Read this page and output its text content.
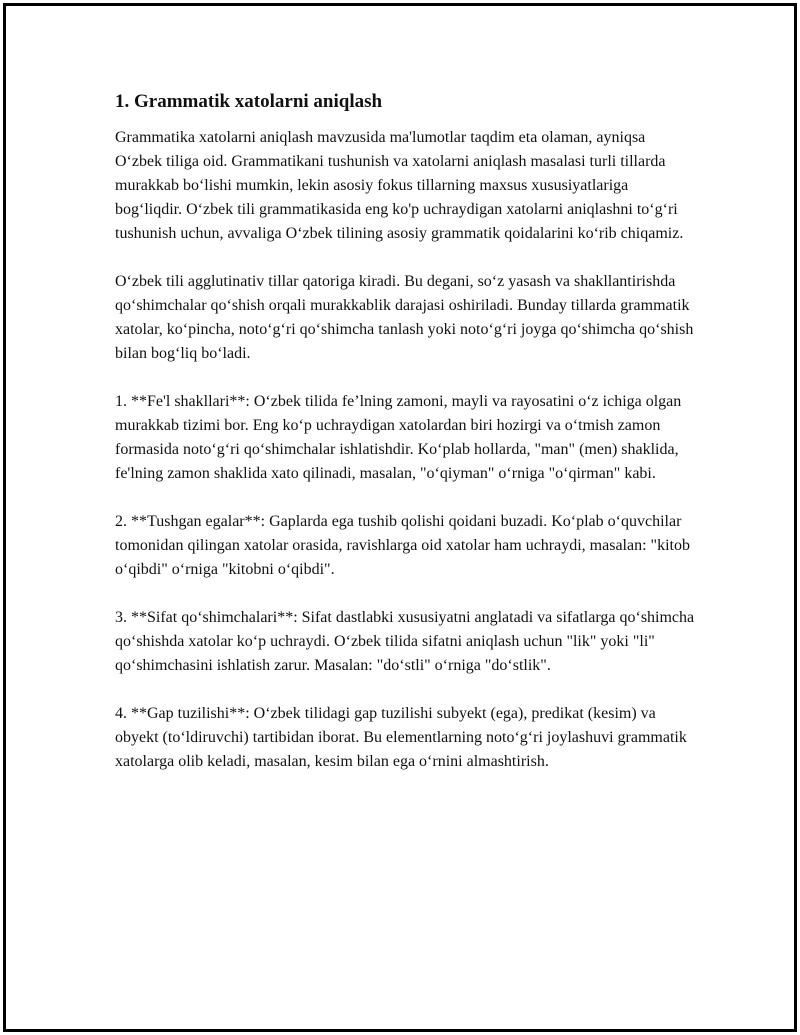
1. Grammatik xatolarni aniqlash

Grammatika xatolarni aniqlash mavzusida ma'lumotlar taqdim eta olaman, ayniqsa O‘zbek tiliga oid. Grammatikani tushunish va xatolarni aniqlash masalasi turli tillarda murakkab bo‘lishi mumkin, lekin asosiy fokus tillarning maxsus xususiyatlariga bog‘liqdir. O‘zbek tili grammatikasida eng ko'p uchraydigan xatolarni aniqlashni to‘g‘ri tushunish uchun, avvaliga O‘zbek tilining asosiy grammatik qoidalarini ko‘rib chiqamiz.

O‘zbek tili agglutinativ tillar qatoriga kiradi. Bu degani, so‘z yasash va shakllantirishda qo‘shimchalar qo‘shish orqali murakkablik darajasi oshiriladi. Bunday tillarda grammatik xatolar, ko‘pincha, noto‘g‘ri qo‘shimcha tanlash yoki noto‘g‘ri joyga qo‘shimcha qo‘shish bilan bog‘liq bo‘ladi.

1. **Fe'l shakllari**: O‘zbek tilida fe’lning zamoni, mayli va rayosatini o‘z ichiga olgan murakkab tizimi bor. Eng ko‘p uchraydigan xatolardan biri hozirgi va o‘tmish zamon formasida noto‘g‘ri qo‘shimchalar ishlatishdir. Ko‘plab hollarda, "man" (men) shaklida, fe'lning zamon shaklida xato qilinadi, masalan, "o‘qiyman" o‘rniga "o‘qirman" kabi.

2. **Tushgan egalar**: Gaplarda ega tushib qolishi qoidani buzadi. Ko‘plab o‘quvchilar tomonidan qilingan xatolar orasida, ravishlarga oid xatolar ham uchraydi, masalan: "kitob o‘qibdi" o‘rniga "kitobni o‘qibdi".

3. **Sifat qo‘shimchalari**: Sifat dastlabki xususiyatni anglatadi va sifatlarga qo‘shimcha qo‘shishda xatolar ko‘p uchraydi. O‘zbek tilida sifatni aniqlash uchun "lik" yoki "li" qo‘shimchasini ishlatish zarur. Masalan: "do‘stli" o‘rniga "do‘stlik".

4. **Gap tuzilishi**: O‘zbek tilidagi gap tuzilishi subyekt (ega), predikat (kesim) va obyekt (to‘ldiruvchi) tartibidan iborat. Bu elementlarning noto‘g‘ri joylashuvi grammatik xatolarga olib keladi, masalan, kesim bilan ega o‘rnini almashtirish.
